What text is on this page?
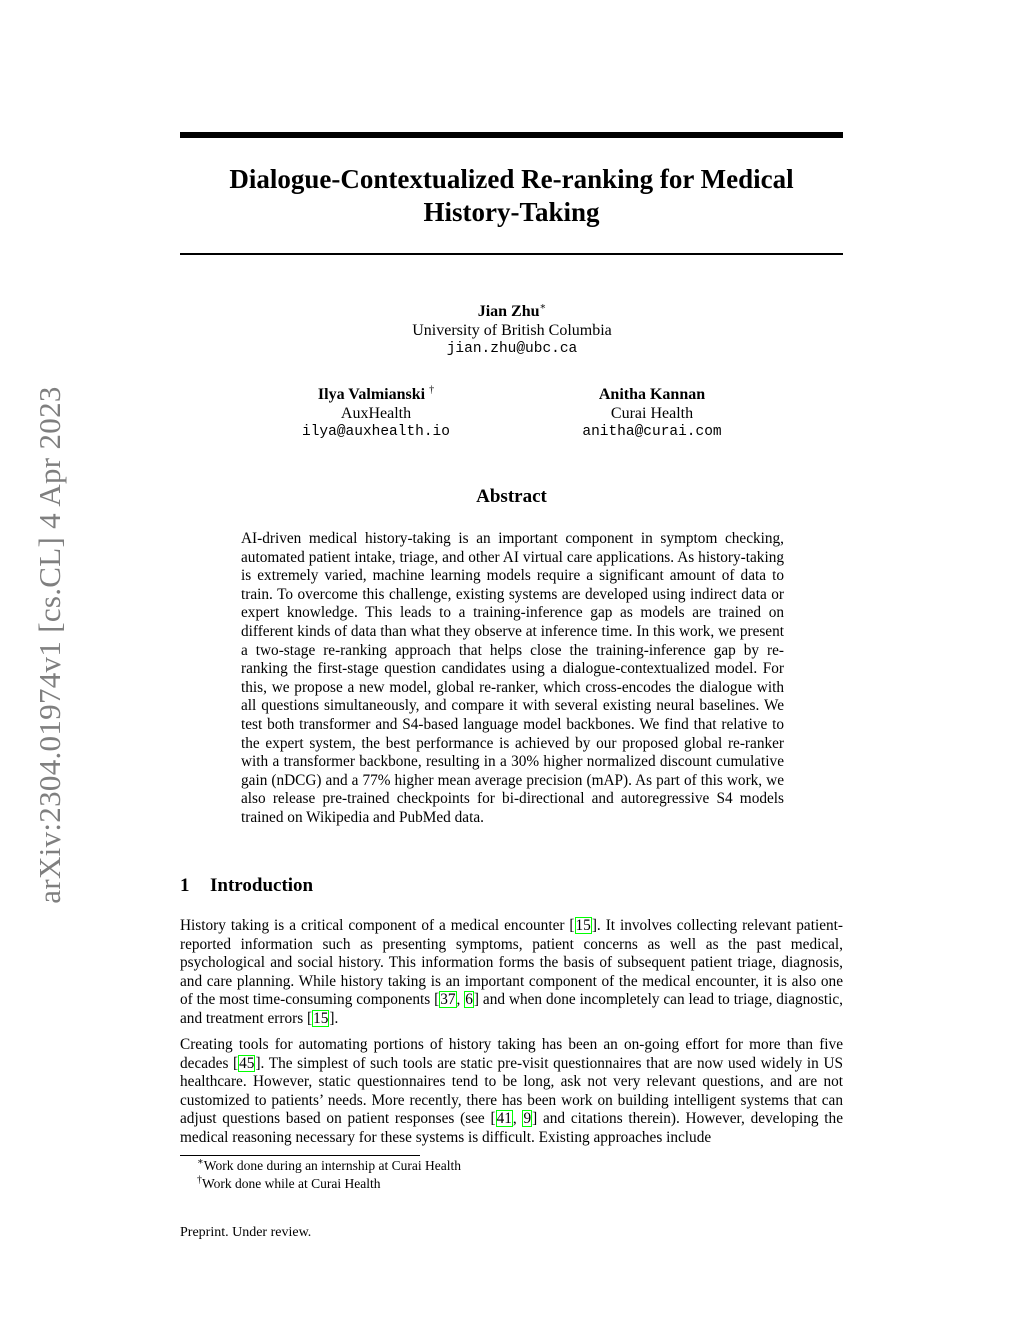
arXiv:2304.01974v1 [cs.CL] 4 Apr 2023
Dialogue-Contextualized Re-ranking for Medical
History-Taking
Jian Zhu∗
University of British Columbia
jian.zhu@ubc.ca
Ilya Valmianski †
AuxHealth
ilya@auxhealth.io
Anitha Kannan
Curai Health
anitha@curai.com
Abstract
AI-driven medical history-taking is an important component in symptom checking, automated patient intake, triage, and other AI virtual care applications. As history-taking is extremely varied, machine learning models require a significant amount of data to train. To overcome this challenge, existing systems are developed using indirect data or expert knowledge. This leads to a training-inference gap as models are trained on different kinds of data than what they observe at inference time. In this work, we present a two-stage re-ranking approach that helps close the training-inference gap by re-ranking the first-stage question candidates using a dialogue-contextualized model. For this, we propose a new model, global re-ranker, which cross-encodes the dialogue with all questions simultaneously, and compare it with several existing neural baselines. We test both transformer and S4-based language model backbones. We find that relative to the expert system, the best performance is achieved by our proposed global re-ranker with a transformer backbone, resulting in a 30% higher normalized discount cumulative gain (nDCG) and a 77% higher mean average precision (mAP). As part of this work, we also release pre-trained checkpoints for bi-directional and autoregressive S4 models trained on Wikipedia and PubMed data.
1 Introduction
History taking is a critical component of a medical encounter [15]. It involves collecting relevant patient-reported information such as presenting symptoms, patient concerns as well as the past medical, psychological and social history. This information forms the basis of subsequent patient triage, diagnosis, and care planning. While history taking is an important component of the medical encounter, it is also one of the most time-consuming components [37, 6] and when done incompletely can lead to triage, diagnostic, and treatment errors [15].
Creating tools for automating portions of history taking has been an on-going effort for more than five decades [45]. The simplest of such tools are static pre-visit questionnaires that are now used widely in US healthcare. However, static questionnaires tend to be long, ask not very relevant questions, and are not customized to patients’ needs. More recently, there has been work on building intelligent systems that can adjust questions based on patient responses (see [41, 9] and citations therein). However, developing the medical reasoning necessary for these systems is difficult. Existing approaches include
∗Work done during an internship at Curai Health
†Work done while at Curai Health
Preprint. Under review.
